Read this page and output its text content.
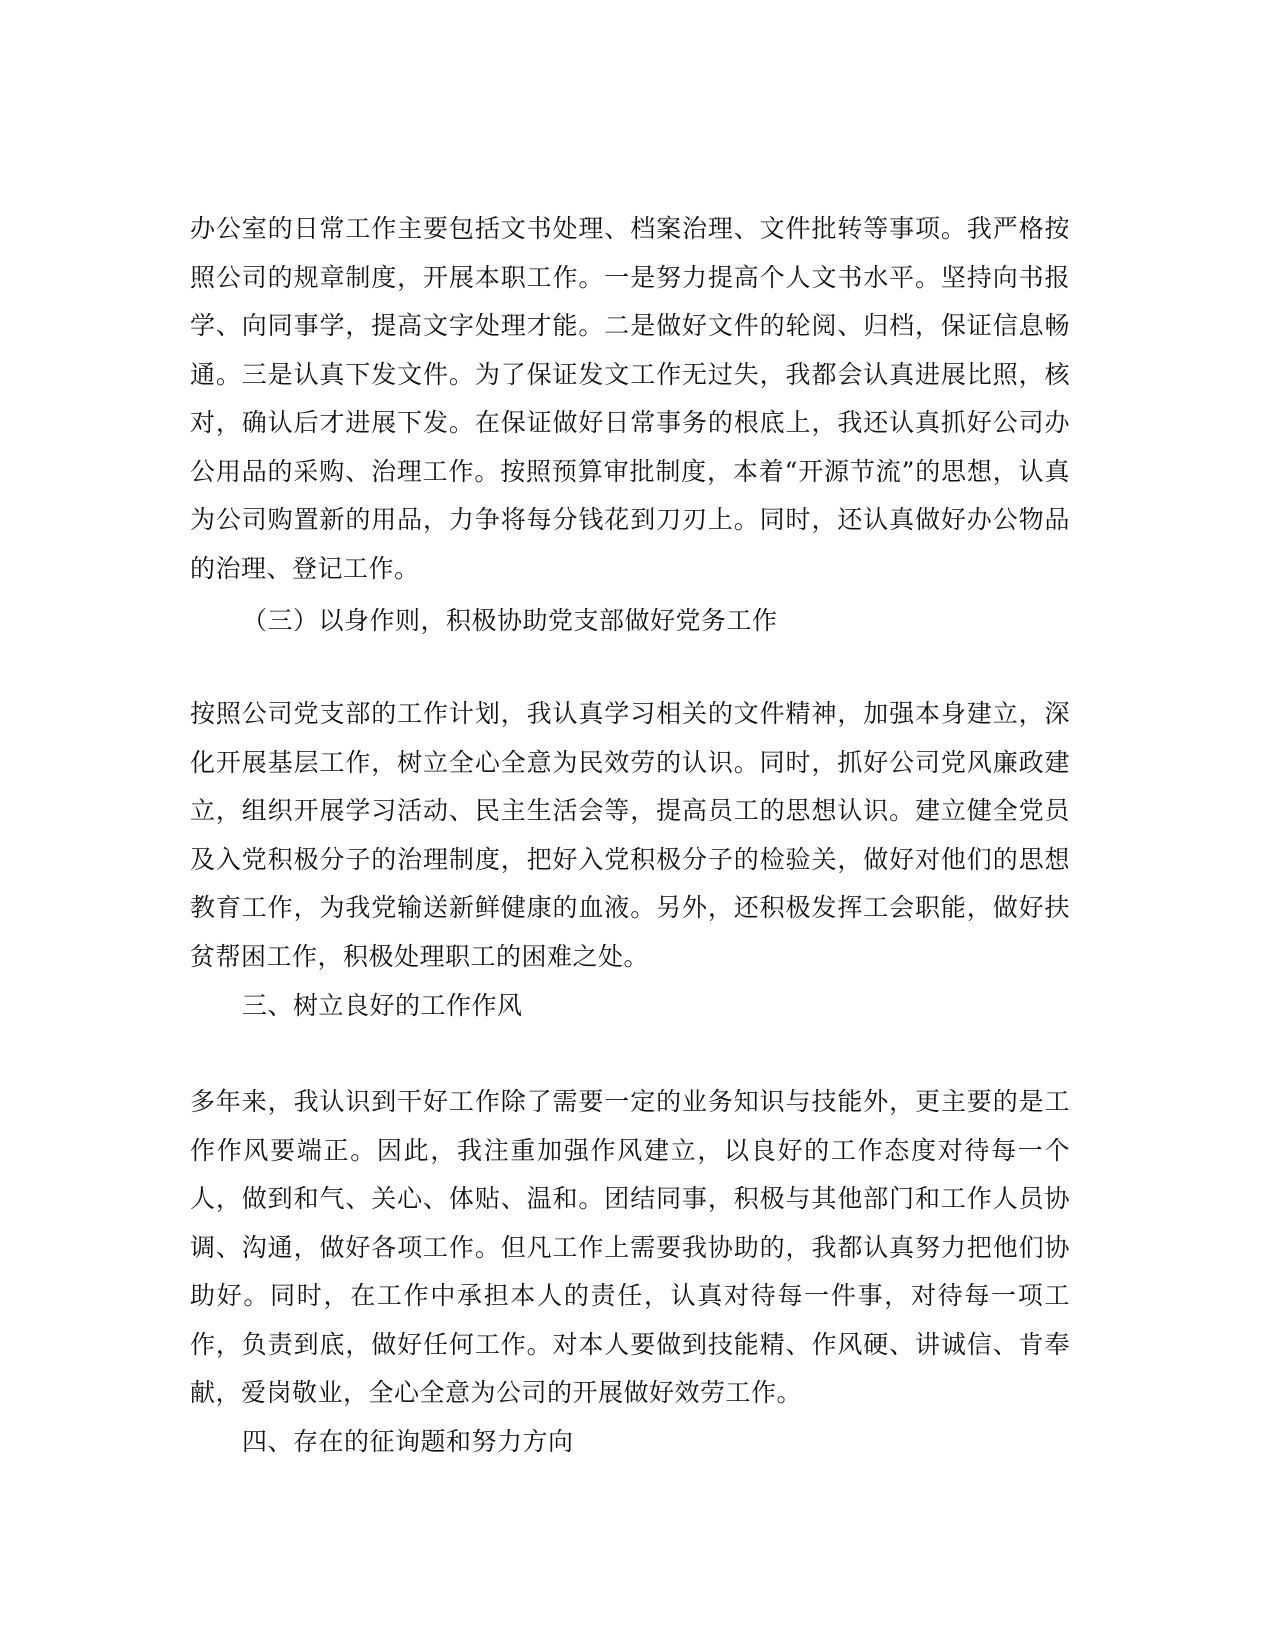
办公室的日常工作主要包括文书处理、档案治理、文件批转等事项。我严格按照公司的规章制度，开展本职工作。一是努力提高个人文书水平。坚持向书报学、向同事学，提高文字处理才能。二是做好文件的轮阅、归档，保证信息畅通。三是认真下发文件。为了保证发文工作无过失，我都会认真进展比照，核对，确认后才进展下发。在保证做好日常事务的根底上，我还认真抓好公司办公用品的采购、治理工作。按照预算审批制度，本着“开源节流”的思想，认真为公司购置新的用品，力争将每分钱花到刀刃上。同时，还认真做好办公物品的治理、登记工作。

（三）以身作则，积极协助党支部做好党务工作

按照公司党支部的工作计划，我认真学习相关的文件精神，加强本身建立，深化开展基层工作，树立全心全意为民效劳的认识。同时，抓好公司党风廉政建立，组织开展学习活动、民主生活会等，提高员工的思想认识。建立健全党员及入党积极分子的治理制度，把好入党积极分子的检验关，做好对他们的思想教育工作，为我党输送新鲜健康的血液。另外，还积极发挥工会职能，做好扶贫帮困工作，积极处理职工的困难之处。

三、树立良好的工作作风

多年来，我认识到干好工作除了需要一定的业务知识与技能外，更主要的是工作作风要端正。因此，我注重加强作风建立，以良好的工作态度对待每一个人，做到和气、关心、体贴、温和。团结同事，积极与其他部门和工作人员协调、沟通，做好各项工作。但凡工作上需要我协助的，我都认真努力把他们协助好。同时，在工作中承担本人的责任，认真对待每一件事，对待每一项工作，负责到底，做好任何工作。对本人要做到技能精、作风硬、讲诚信、肯奉献，爱岗敬业，全心全意为公司的开展做好效劳工作。

四、存在的征询题和努力方向
